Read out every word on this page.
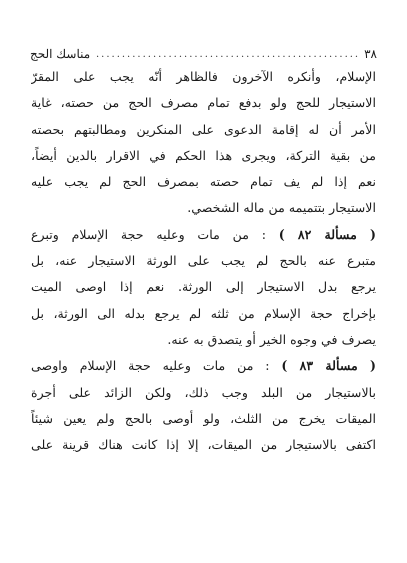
٣٨
.....
مناسك الحج
الإسلام، وأنكره الآخرون فالظاهر أنّه يجب على المقرّ
الاستيجار للحج ولو بدفع تمام مصرف الحج من حصته، غاية
الأمر أن له إقامة الدعوى على المنكرين ومطالبتهم بحصته
من بقية التركة، ويجرى هذا الحكم في الاقرار بالدين أيضاً،
نعم إذا لم يف تمام حصته بمصرف الحج لم يجب عليه
الاستيجار بتتميمه من ماله الشخصي.
( مسألة ٨٢ ) : من مات وعليه حجة الإسلام وتبرع
متبرع عنه بالحج لم يجب على الورثة الاستيجار عنه، بل
يرجع بدل الاستيجار إلى الورثة. نعم إذا اوصى الميت
بإخراج حجة الإسلام من ثلثه لم يرجع بدله الى الورثة، بل
يصرف في وجوه الخير أو يتصدق به عنه.
( مسألة ٨٣ ) : من مات وعليه حجة الإسلام واوصى
بالاستيجار من البلد وجب ذلك، ولكن الزائد على أجرة
الميقات يخرج من الثلث، ولو أوصى بالحج ولم يعين شيئاً
اكتفى بالاستيجار من الميقات، إلا إذا كانت هناك قرينة على
